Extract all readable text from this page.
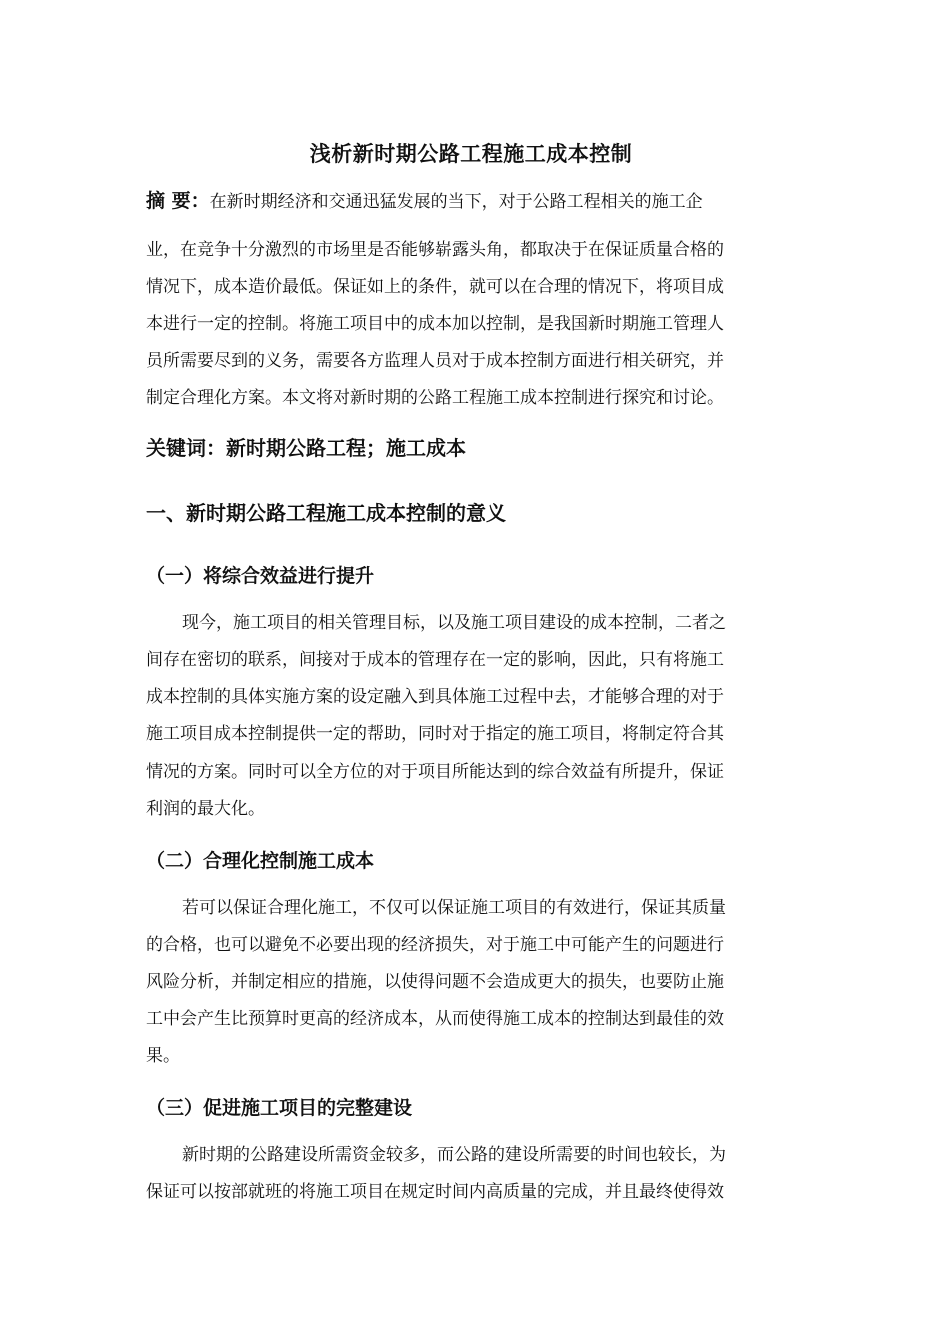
浅析新时期公路工程施工成本控制
摘 要：在新时期经济和交通迅猛发展的当下，对于公路工程相关的施工企
业，在竞争十分激烈的市场里是否能够崭露头角，都取决于在保证质量合格的
情况下，成本造价最低。保证如上的条件，就可以在合理的情况下，将项目成
本进行一定的控制。将施工项目中的成本加以控制，是我国新时期施工管理人
员所需要尽到的义务，需要各方监理人员对于成本控制方面进行相关研究，并
制定合理化方案。本文将对新时期的公路工程施工成本控制进行探究和讨论。
关键词：新时期公路工程；施工成本
一、新时期公路工程施工成本控制的意义
（一）将综合效益进行提升
现今，施工项目的相关管理目标，以及施工项目建设的成本控制，二者之
间存在密切的联系，间接对于成本的管理存在一定的影响，因此，只有将施工
成本控制的具体实施方案的设定融入到具体施工过程中去，才能够合理的对于
施工项目成本控制提供一定的帮助，同时对于指定的施工项目，将制定符合其
情况的方案。同时可以全方位的对于项目所能达到的综合效益有所提升，保证
利润的最大化。
（二）合理化控制施工成本
若可以保证合理化施工，不仅可以保证施工项目的有效进行，保证其质量
的合格，也可以避免不必要出现的经济损失，对于施工中可能产生的问题进行
风险分析，并制定相应的措施，以使得问题不会造成更大的损失，也要防止施
工中会产生比预算时更高的经济成本，从而使得施工成本的控制达到最佳的效
果。
（三）促进施工项目的完整建设
新时期的公路建设所需资金较多，而公路的建设所需要的时间也较长，为
保证可以按部就班的将施工项目在规定时间内高质量的完成，并且最终使得效
